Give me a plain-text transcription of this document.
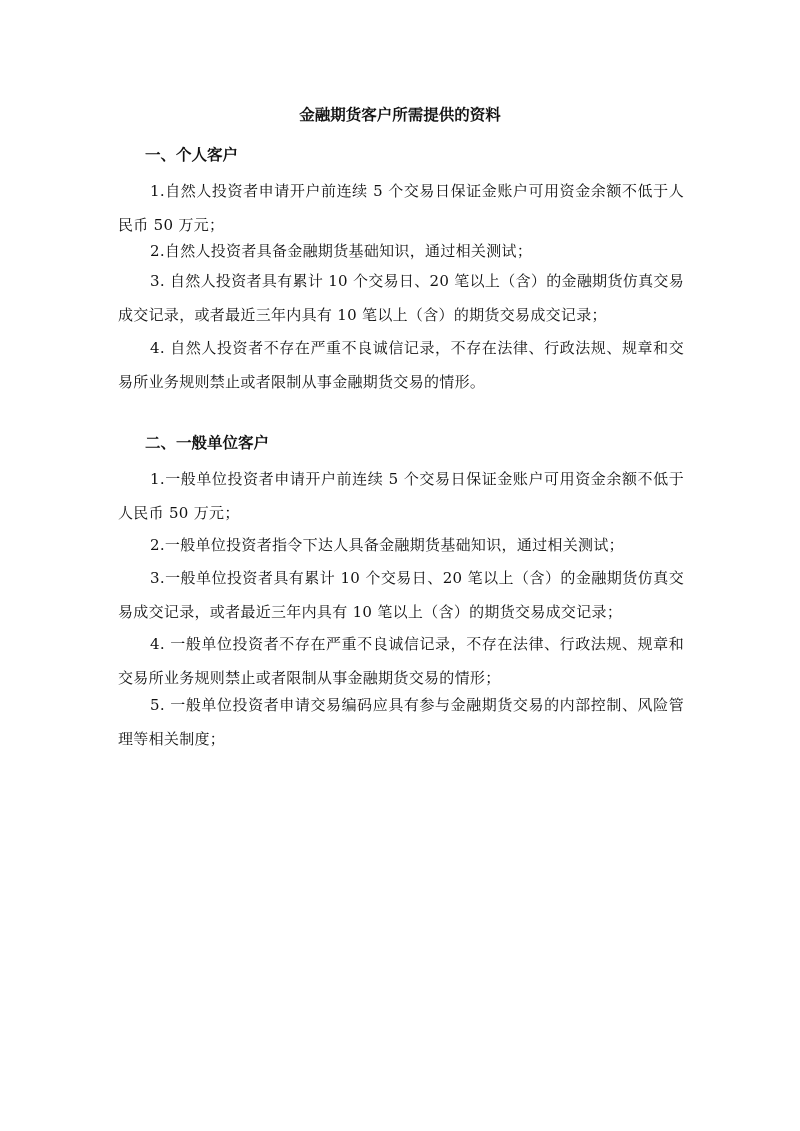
金融期货客户所需提供的资料
一、个人客户

1.自然人投资者申请开户前连续 5 个交易日保证金账户可用资金余额不低于人民币 50 万元；

2.自然人投资者具备金融期货基础知识，通过相关测试；

3. 自然人投资者具有累计 10 个交易日、20 笔以上（含）的金融期货仿真交易成交记录，或者最近三年内具有 10 笔以上（含）的期货交易成交记录；

4. 自然人投资者不存在严重不良诚信记录，不存在法律、行政法规、规章和交易所业务规则禁止或者限制从事金融期货交易的情形。

二、一般单位客户

1.一般单位投资者申请开户前连续 5 个交易日保证金账户可用资金余额不低于人民币 50 万元；

2.一般单位投资者指令下达人具备金融期货基础知识，通过相关测试；

3.一般单位投资者具有累计 10 个交易日、20 笔以上（含）的金融期货仿真交易成交记录，或者最近三年内具有 10 笔以上（含）的期货交易成交记录；

4. 一般单位投资者不存在严重不良诚信记录，不存在法律、行政法规、规章和交易所业务规则禁止或者限制从事金融期货交易的情形；

5. 一般单位投资者申请交易编码应具有参与金融期货交易的内部控制、风险管理等相关制度；
